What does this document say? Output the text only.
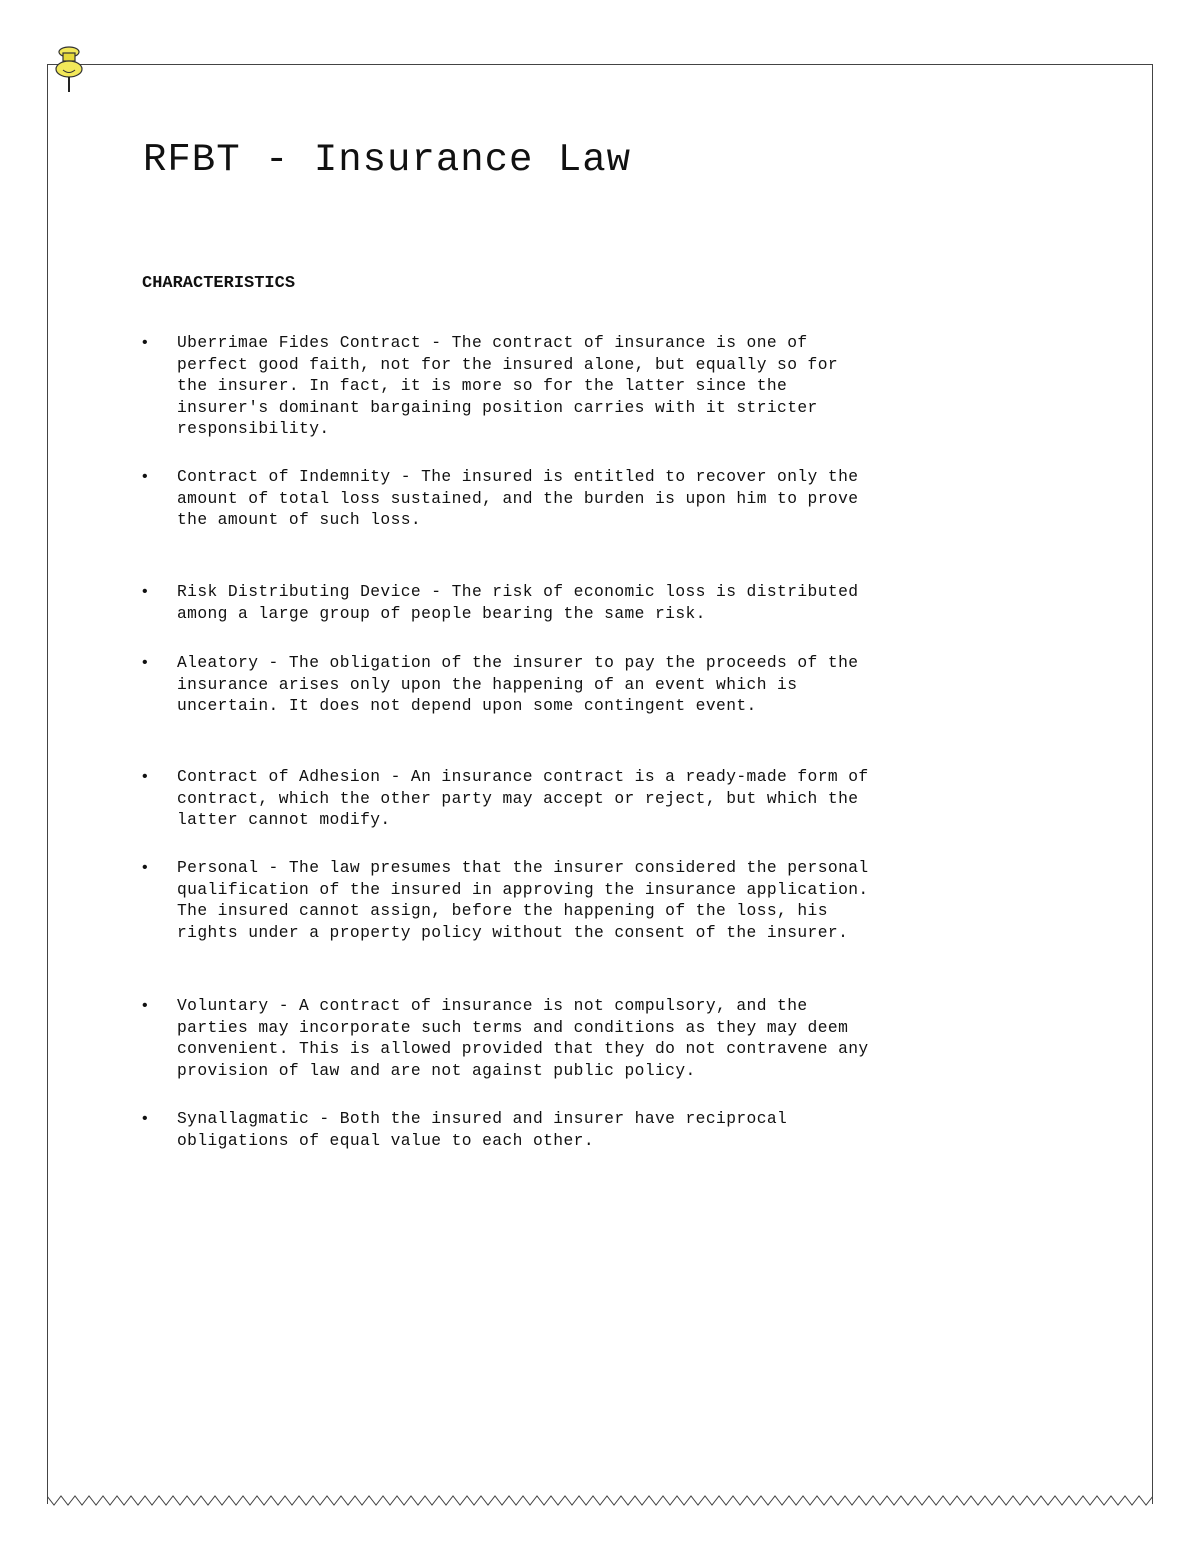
RFBT - Insurance Law
CHARACTERISTICS
• Uberrimae Fides Contract - The contract of insurance is one of
perfect good faith, not for the insured alone, but equally so for
the insurer. In fact, it is more so for the latter since the
insurer's dominant bargaining position carries with it stricter
responsibility.

• Contract of Indemnity - The insured is entitled to recover only the
amount of total loss sustained, and the burden is upon him to prove
the amount of such loss.

• Risk Distributing Device - The risk of economic loss is distributed
among a large group of people bearing the same risk.

• Aleatory - The obligation of the insurer to pay the proceeds of the
insurance arises only upon the happening of an event which is
uncertain. It does not depend upon some contingent event.

• Contract of Adhesion - An insurance contract is a ready-made form of
contract, which the other party may accept or reject, but which the
latter cannot modify.

• Personal - The law presumes that the insurer considered the personal
qualification of the insured in approving the insurance application.
The insured cannot assign, before the happening of the loss, his
rights under a property policy without the consent of the insurer.

• Voluntary - A contract of insurance is not compulsory, and the
parties may incorporate such terms and conditions as they may deem
convenient. This is allowed provided that they do not contravene any
provision of law and are not against public policy.

• Synallagmatic - Both the insured and insurer have reciprocal
obligations of equal value to each other.
